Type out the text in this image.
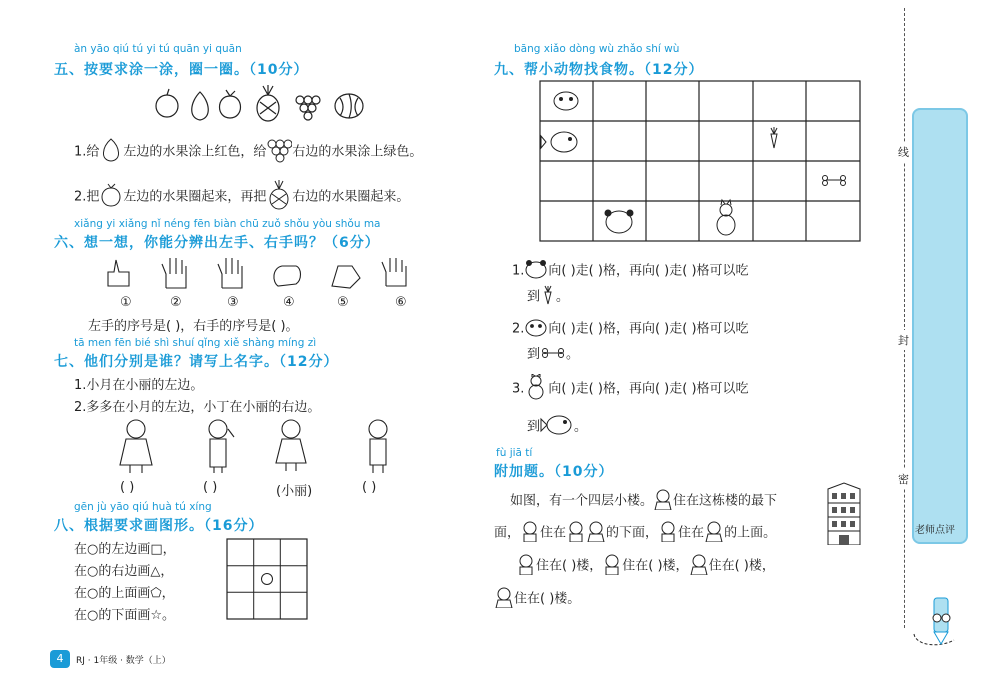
àn yāo qiú tú yi tú quān yi quān
五、按要求涂一涂，圈一圈。（10分）
1.给 左边的水果涂上红色，给 右边的水果涂上绿色。
2.把 左边的水果圈起来，再把 右边的水果圈起来。
xiǎng yi xiǎng nǐ néng fēn biàn chū zuǒ shǒu yòu shǒu ma
六、想一想，你能分辨出左手、右手吗？（6分）
①	②	③	④	⑤	⑥
左手的序号是( )，右手的序号是( )。
tā men fēn bié shì shuí qǐng xiě shàng míng zì
七、他们分别是谁？请写上名字。（12分）
1.小月在小丽的左边。
2.多多在小月的左边，小丁在小丽的右边。
( )	( )	(小丽)	( )
gēn jù yāo qiú huà tú xíng
八、根据要求画图形。（16分）
在○的左边画□，
在○的右边画△，
在○的上面画⬠，
在○的下面画☆。
4	RJ · 1年级 · 数学（上）
bāng xiǎo dòng wù zhǎo shí wù
九、帮小动物找食物。（12分）
1. 向( )走( )格，再向( )走( )格可以吃
到 。
2. 向( )走( )格，再向( )走( )格可以吃
到 。
3. 向( )走( )格，再向( )走( )格可以吃
到	。
fù jiā tí
附加题。（10分）
如图，有一个四层小楼。 住在这栋楼的最下
面， 住在	的下面， 住在 的上面。
住在( )楼， 住在( )楼， 住在( )楼，
住在( )楼。
线
封
密
老师点评
